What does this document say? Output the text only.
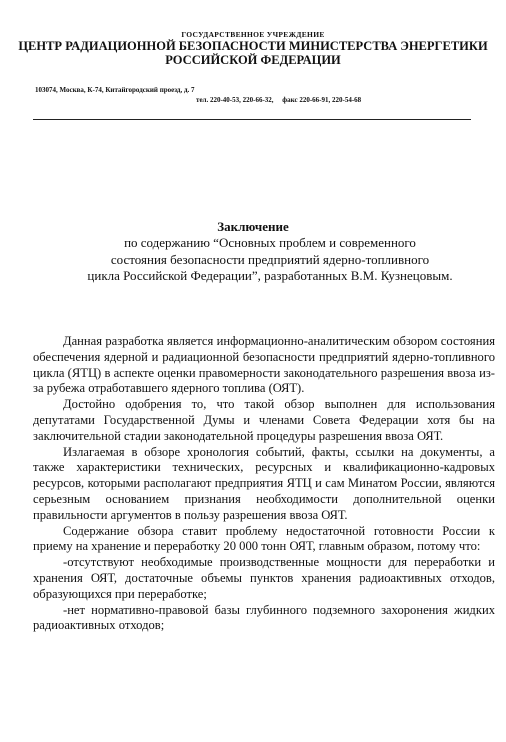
ГОСУДАРСТВЕННОЕ УЧРЕЖДЕНИЕ
ЦЕНТР РАДИАЦИОННОЙ БЕЗОПАСНОСТИ МИНИСТЕРСТВА ЭНЕРГЕТИКИ
РОССИЙСКОЙ ФЕДЕРАЦИИ
103074, Москва, К-74, Китайгородский проезд, д. 7
тел. 220-40-53, 220-66-32,     факс 220-66-91, 220-54-68
Заключение
по содержанию “Основных проблем и современного
состояния безопасности предприятий ядерно-топливного
цикла Российской Федерации”, разработанных В.М. Кузнецовым.

Данная разработка является информационно-аналитическим обзором состояния обеспечения ядерной и радиационной безопасности предприятий ядерно-топливного цикла (ЯТЦ) в аспекте оценки правомерности законодательного разрешения ввоза из-за рубежа отработавшего ядерного топлива (ОЯТ).

Достойно одобрения то, что такой обзор выполнен для использования депутатами Государственной Думы и членами Совета Федерации хотя бы на заключительной стадии законодательной процедуры разрешения ввоза ОЯТ.

Излагаемая в обзоре хронология событий, факты, ссылки на документы, а также характеристики технических, ресурсных и квалификационно-кадровых ресурсов, которыми располагают предприятия ЯТЦ и сам Минатом России, являются серьезным основанием признания необходимости дополнительной оценки правильности аргументов в пользу разрешения ввоза ОЯТ.

Содержание обзора ставит проблему недостаточной готовности России к приему на хранение и переработку 20 000 тонн ОЯТ, главным образом, потому что:

-отсутствуют необходимые производственные мощности для переработки и хранения ОЯТ, достаточные объемы пунктов хранения радиоактивных отходов, образующихся при переработке;

-нет нормативно-правовой базы глубинного подземного захоронения жидких радиоактивных отходов;
